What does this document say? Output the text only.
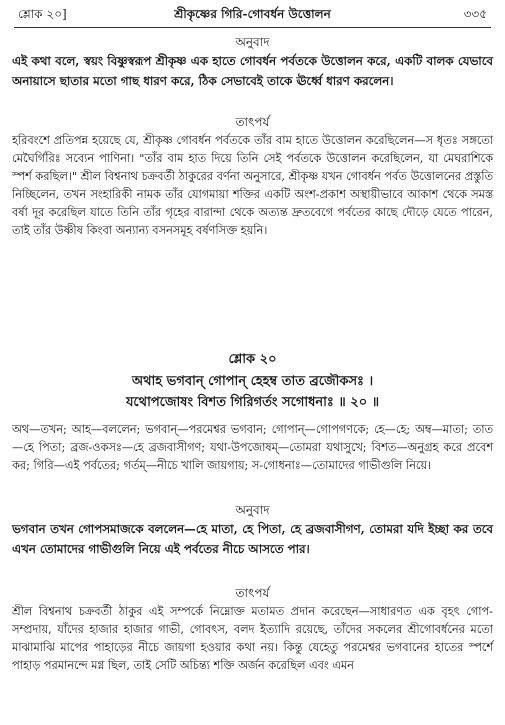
শ্লোক ২০]	শ্রীকৃষ্ণের গিরি-গোবর্ধন উত্তোলন	৩৩৫
অনুবাদ

এই কথা বলে, স্বয়ং বিষ্ণুস্বরূপ শ্রীকৃষ্ণ এক হাতে গোবর্ধন পর্বতকে উত্তোলন করে, একটি বালক যেভাবে অনায়াসে ছাতার মতো গাছ ধারণ করে, ঠিক সেভাবেই তাকে ঊর্ধ্বে ধারণ করলেন।

তাৎপর্য

হরিবংশে প্রতিপন্ন হয়েছে যে, শ্রীকৃষ্ণ গোবর্ধন পর্বতকে তাঁর বাম হাতে উত্তোলন করেছিলেন—স ধৃতঃ সঙ্গতো মেঘৈর্গিরিঃ সব্যেন পাণিনা। "তাঁর বাম হাত দিয়ে তিনি সেই পর্বতকে উত্তোলন করেছিলেন, যা মেঘরাশিকে স্পর্শ করছিল।" শ্রীল বিশ্বনাথ চক্রবর্তী ঠাকুরের বর্ণনা অনুসারে, শ্রীকৃষ্ণ যখন গোবর্ধন পর্বত উত্তোলনের প্রস্তুতি নিচ্ছিলেন, তখন সংহারিকী নামক তাঁর যোগমায়া শক্তির একটি অংশ-প্রকাশ অস্থায়ীভাবে আকাশ থেকে সমস্ত বর্ষা দূর করেছিল যাতে তিনি তাঁর গৃহের বারান্দা থেকে অত্যন্ত দ্রুতবেগে পর্বতের কাছে দৌড়ে যেতে পারেন, তাই তাঁর উষ্ণীষ কিংবা অন্যান্য বসনসমূহ বর্ষণসিক্ত হয়নি।

শ্লোক ২০
অথাহ ভগবান্ গোপান্ হেহম্ব তাত ব্রজৌকসঃ ।
যথোপজোষং বিশত গিরিগর্তং সগোধনাঃ ॥ ২০ ॥

অথ—তখন; আহ—বললেন; ভগবান্—পরমেশ্বর ভগবান; গোপান্—গোপগণকে; হে—হে; অম্ব—মাতা; তাত—হে পিতা; ব্রজ-ওকসঃ—হে ব্রজবাসীগণ; যথা-উপজোষম্—তোমরা যথাসুখে; বিশত—অনুগ্রহ করে প্রবেশ কর; গিরি—এই পর্বতের; গর্তম্—নীচে খালি জায়গায়; স-গোধনাঃ—তোমাদের গাভীগুলি নিয়ে।

অনুবাদ

ভগবান তখন গোপসমাজকে বললেন—হে মাতা, হে পিতা, হে ব্রজবাসীগণ, তোমরা যদি ইচ্ছা কর তবে এখন তোমাদের গাভীগুলি নিয়ে এই পর্বতের নীচে আসতে পার।

তাৎপর্য

শ্রীল বিশ্বনাথ চক্রবর্তী ঠাকুর এই সম্পর্কে নিম্নোক্ত মতামত প্রদান করেছেন—সাধারণত এক বৃহৎ গোপ-সম্প্রদায়, যাঁদের হাজার হাজার গাভী, গোবৎস, বলদ ইত্যাদি রয়েছে, তাঁদের সকলের শ্রীগোবর্ধনের মতো মাঝামাঝি মাপের পাহাড়ের নীচে জায়গা হওয়ার কথা নয়। কিন্তু যেহেতু পরমেশ্বর ভগবানের হাতের স্পর্শে পাহাড় পরমানন্দে মগ্ন ছিল, তাই সেটি অচিন্ত্য শক্তি অর্জন করেছিল এবং এমন
